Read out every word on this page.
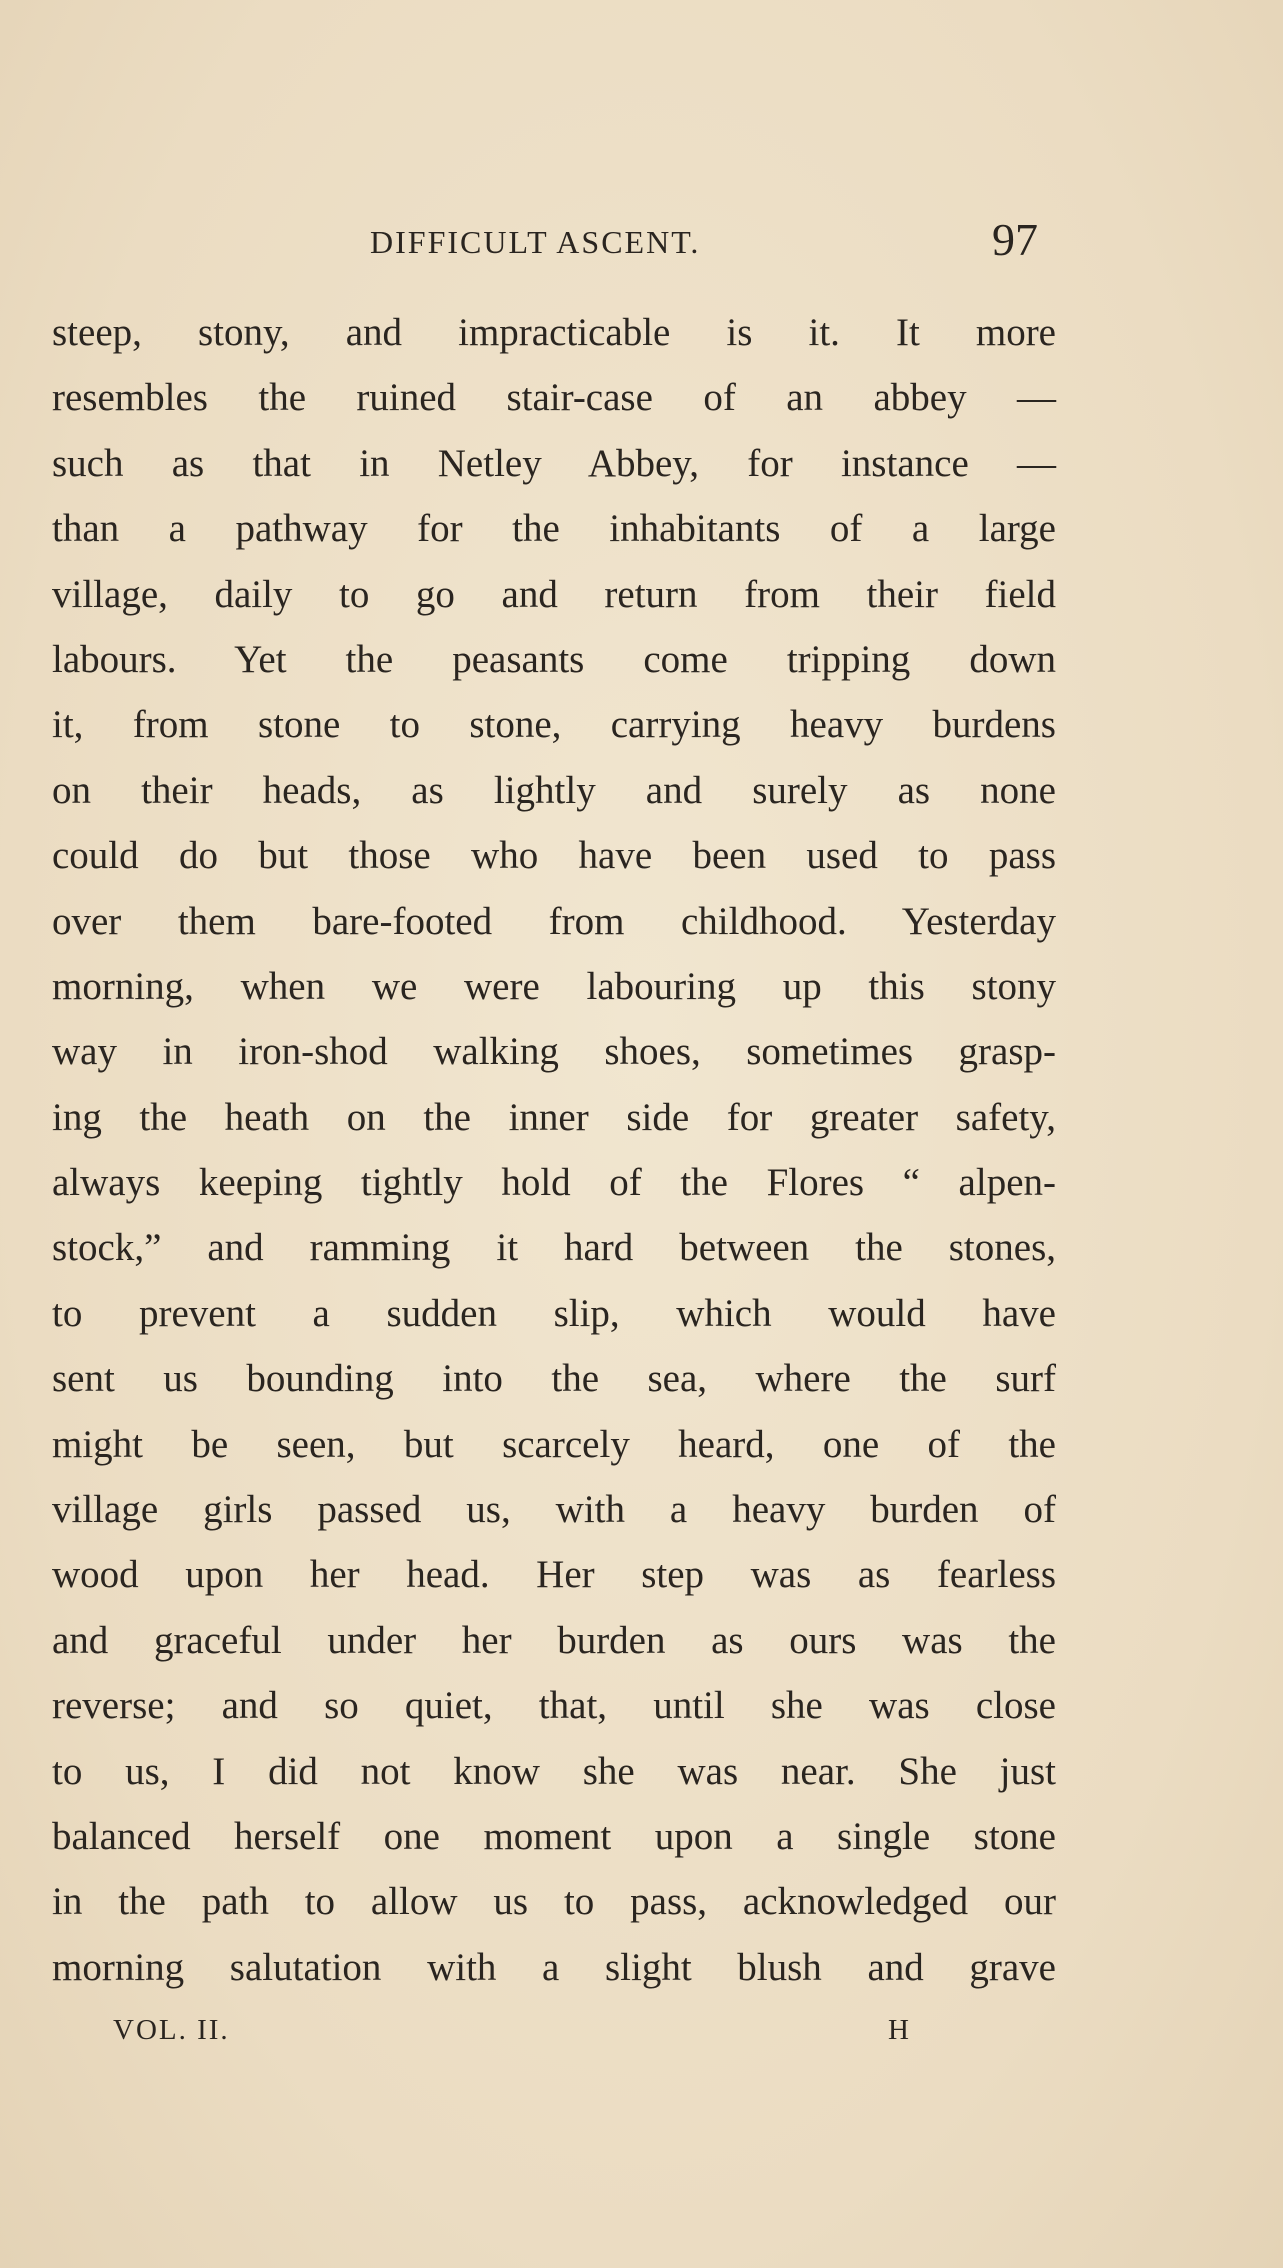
DIFFICULT ASCENT.	97
steep, stony, and impracticable is it. It more
resembles the ruined stair-case of an abbey —
such as that in Netley Abbey, for instance —
than a pathway for the inhabitants of a large
village, daily to go and return from their field
labours. Yet the peasants come tripping down
it, from stone to stone, carrying heavy burdens
on their heads, as lightly and surely as none
could do but those who have been used to pass
over them bare-footed from childhood. Yesterday
morning, when we were labouring up this stony
way in iron-shod walking shoes, sometimes grasp-
ing the heath on the inner side for greater safety,
always keeping tightly hold of the Flores “ alpen-
stock,” and ramming it hard between the stones,
to prevent a sudden slip, which would have
sent us bounding into the sea, where the surf
might be seen, but scarcely heard, one of the
village girls passed us, with a heavy burden of
wood upon her head. Her step was as fearless
and graceful under her burden as ours was the
reverse; and so quiet, that, until she was close
to us, I did not know she was near. She just
balanced herself one moment upon a single stone
in the path to allow us to pass, acknowledged our
morning salutation with a slight blush and grave
VOL. II.	H
